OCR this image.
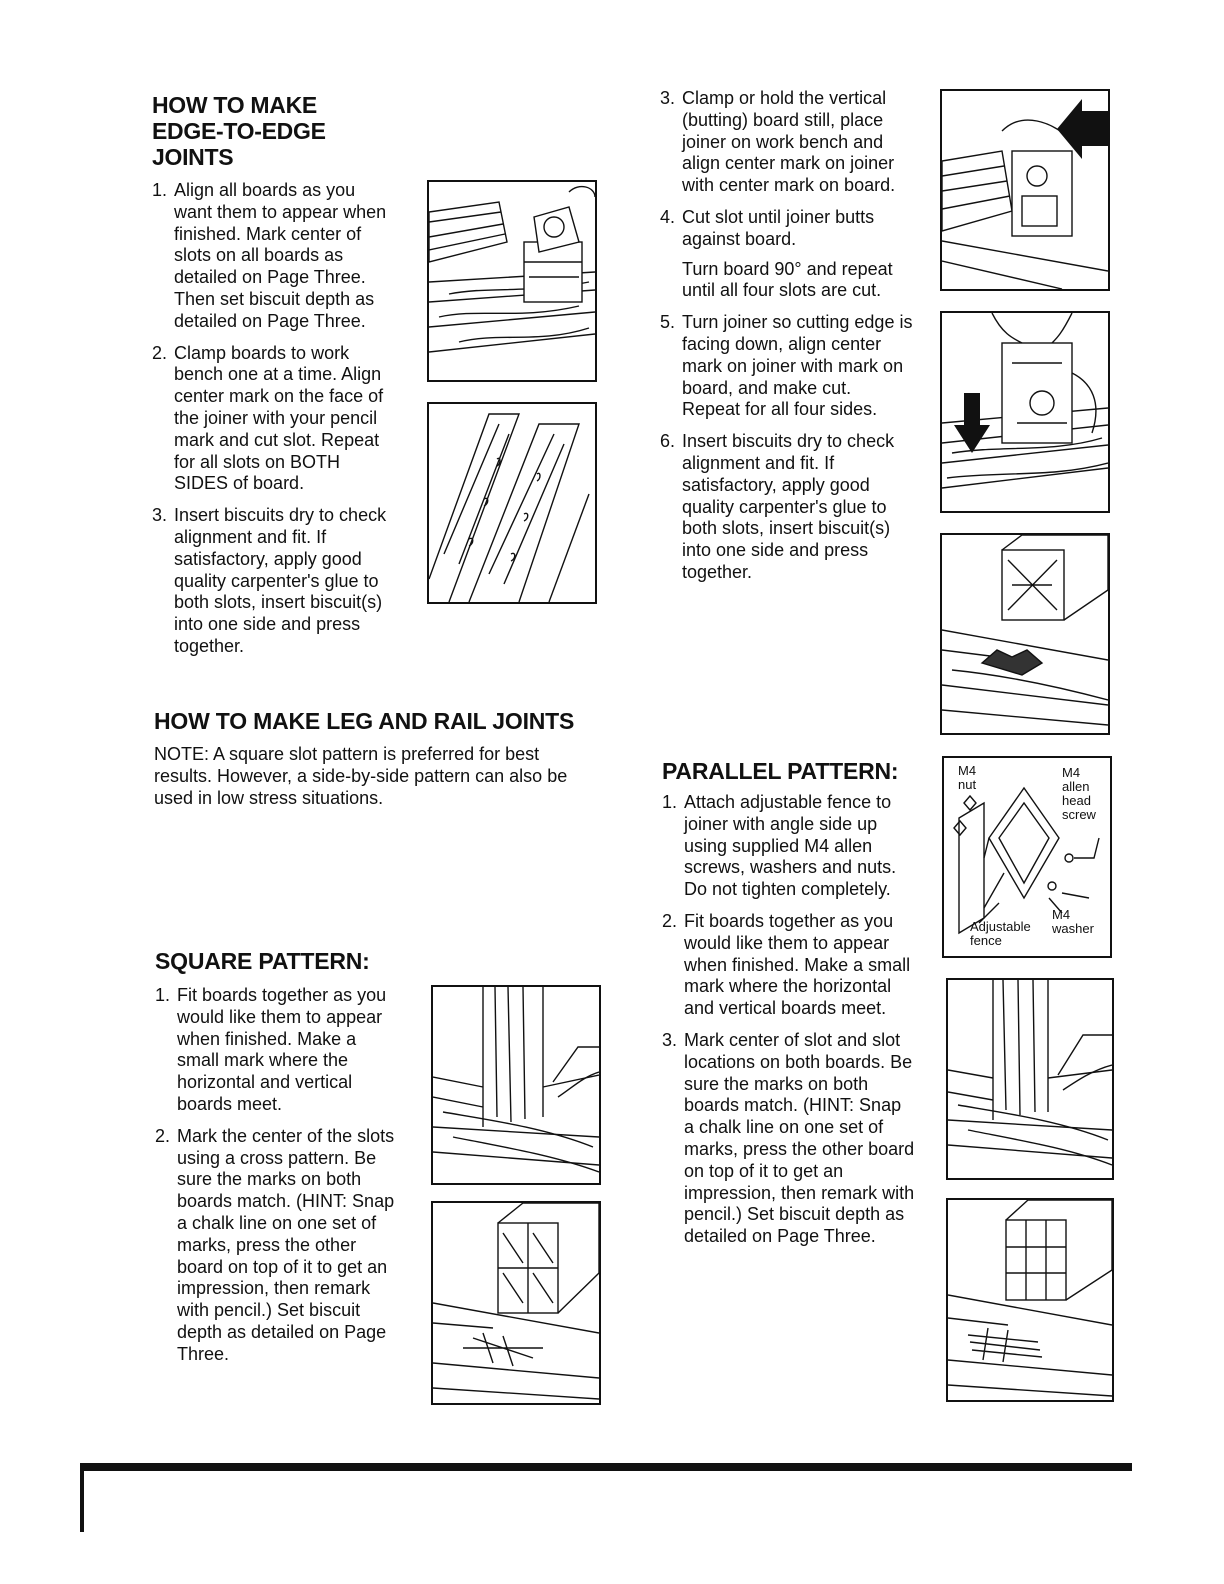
HOW TO MAKE
EDGE-TO-EDGE
JOINTS
1. Align all boards as you want them to appear when finished. Mark center of slots on all boards as detailed on Page Three. Then set biscuit depth as detailed on Page Three.
2. Clamp boards to work bench one at a time. Align center mark on the face of the joiner with your pencil mark and cut slot. Repeat for all slots on BOTH SIDES of board.
3. Insert biscuits dry to check alignment and fit. If satisfactory, apply good quality carpenter's glue to both slots, insert biscuit(s) into one side and press together.
HOW TO MAKE LEG AND RAIL JOINTS

NOTE: A square slot pattern is preferred for best results. However, a side-by-side pattern can also be used in low stress situations.

SQUARE PATTERN:
1. Fit boards together as you would like them to appear when finished. Make a small mark where the horizontal and vertical boards meet.
2. Mark the center of the slots using a cross pattern. Be sure the marks on both boards match. (HINT: Snap a chalk line on one set of marks, press the other board on top of it to get an impression, then remark with pencil.) Set biscuit depth as detailed on Page Three.
3. Clamp or hold the vertical (butting) board still, place joiner on work bench and align center mark on joiner with center mark on board.
4. Cut slot until joiner butts against board.

Turn board 90° and repeat until all four slots are cut.

5. Turn joiner so cutting edge is facing down, align center mark on joiner with mark on board, and make cut. Repeat for all four sides.
6. Insert biscuits dry to check alignment and fit. If satisfactory, apply good quality carpenter's glue to both slots, insert biscuit(s) into one side and press together.
PARALLEL PATTERN:
1. Attach adjustable fence to joiner with angle side up using supplied M4 allen screws, washers and nuts. Do not tighten completely.
2. Fit boards together as you would like them to appear when finished. Make a small mark where the horizontal and vertical boards meet.
3. Mark center of slot and slot locations on both boards. Be sure the marks on both boards match. (HINT: Snap a chalk line on one set of marks, press the other board on top of it to get an impression, then remark with pencil.) Set biscuit depth as detailed on Page Three.
M4
nut
M4
allen
head
screw
M4
washer
Adjustable
fence
